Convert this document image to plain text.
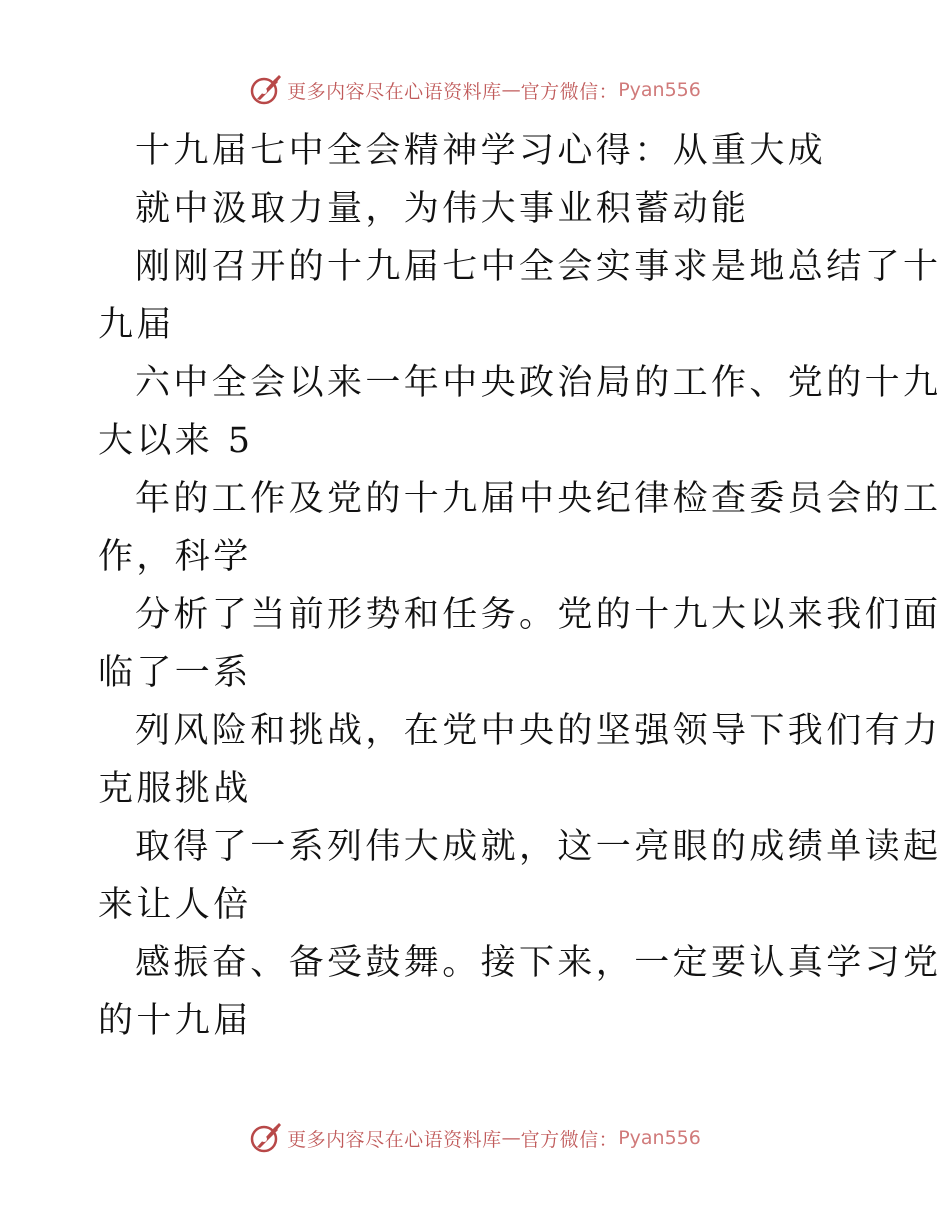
更多内容尽在心语资料库 — 官方微信： Pyan556
十九届七中全会精神学习心得：从重大成
就中汲取力量，为伟大事业积蓄动能
刚刚召开的十九届七中全会实事求是地总结了十
九届
六中全会以来一年中央政治局的工作、党的十九
大以来 5
年的工作及党的十九届中央纪律检查委员会的工
作，科学
分析了当前形势和任务。党的十九大以来我们面
临了一系
列风险和挑战，在党中央的坚强领导下我们有力
克服挑战
取得了一系列伟大成就，这一亮眼的成绩单读起
来让人倍
感振奋、备受鼓舞。接下来，一定要认真学习党
的十九届
更多内容尽在心语资料库 — 官方微信： Pyan556
